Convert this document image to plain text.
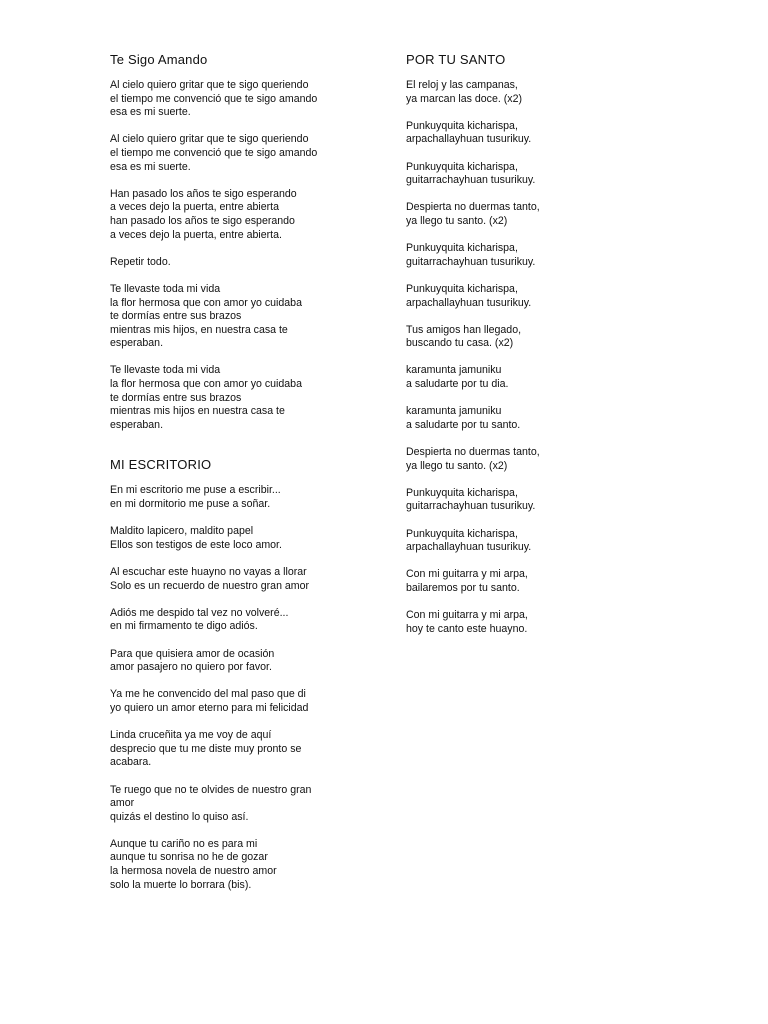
Te Sigo Amando

Al cielo quiero gritar que te sigo queriendo
el tiempo me convenció que te sigo amando
esa es mi suerte.

Al cielo quiero gritar que te sigo queriendo
el tiempo me convenció que te sigo amando
esa es mi suerte.

Han pasado los años te sigo esperando
a veces dejo la puerta, entre abierta
han pasado los años te sigo esperando
a veces dejo la puerta, entre abierta.

Repetir todo.

Te llevaste toda mi vida
la flor hermosa que con amor yo cuidaba
te dormías entre sus brazos
mientras mis hijos, en nuestra casa te
esperaban.

Te llevaste toda mi vida
la flor hermosa que con amor yo cuidaba
te dormías entre sus brazos
mientras mis hijos en nuestra casa te
esperaban.

MI ESCRITORIO

En mi escritorio me puse a escribir...
en mi dormitorio me puse a soñar.

Maldito lapicero, maldito papel
Ellos son testigos de este loco amor.

Al escuchar este huayno no vayas a llorar
Solo es un recuerdo de nuestro gran amor

Adiós me despido tal vez no volveré...
en mi firmamento te digo adiós.

Para que quisiera amor de ocasión
amor pasajero no quiero por favor.

Ya me he convencido del mal paso que di
yo quiero un amor eterno para mi felicidad

Linda cruceñita ya me voy de aquí
desprecio que tu me diste muy pronto se
acabara.

Te ruego que no te olvides de nuestro gran
amor
quizás el destino lo quiso así.

Aunque tu cariño no es para mi
aunque tu sonrisa no he de gozar
la hermosa novela de nuestro amor
solo la muerte lo borrara (bis).

POR TU SANTO

El reloj y las campanas,
ya marcan las doce. (x2)

Punkuyquita kicharispa,
arpachallayhuan tusurikuy.

Punkuyquita kicharispa,
guitarrachayhuan tusurikuy.

Despierta no duermas tanto,
ya llego tu santo. (x2)

Punkuyquita kicharispa,
guitarrachayhuan tusurikuy.

Punkuyquita kicharispa,
arpachallayhuan tusurikuy.

Tus amigos han llegado,
buscando tu casa. (x2)

karamunta jamuniku
a saludarte por tu dia.

karamunta jamuniku
a saludarte por tu santo.

Despierta no duermas tanto,
ya llego tu santo. (x2)

Punkuyquita kicharispa,
guitarrachayhuan tusurikuy.

Punkuyquita kicharispa,
arpachallayhuan tusurikuy.

Con mi guitarra y mi arpa,
bailaremos por tu santo.

Con mi guitarra y mi arpa,
hoy te canto este huayno.
